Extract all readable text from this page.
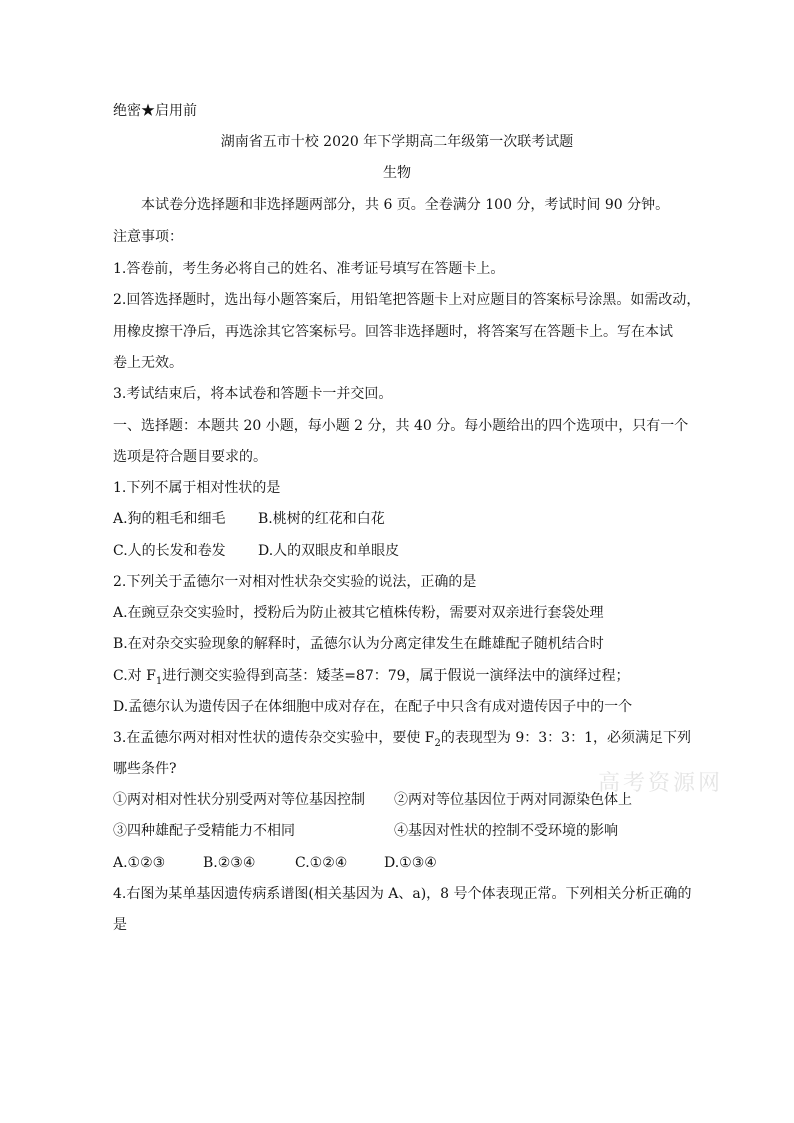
绝密★启用前
湖南省五市十校 2020 年下学期高二年级第一次联考试题
生物
本试卷分选择题和非选择题两部分，共 6 页。全卷满分 100 分，考试时间 90 分钟。
注意事项：
1.答卷前，考生务必将自己的姓名、准考证号填写在答题卡上。
2.回答选择题时，选出每小题答案后，用铅笔把答题卡上对应题目的答案标号涂黑。如需改动，
用橡皮擦干净后，再选涂其它答案标号。回答非选择题时，将答案写在答题卡上。写在本试
卷上无效。
3.考试结束后，将本试卷和答题卡一并交回。
一、选择题：本题共 20 小题，每小题 2 分，共 40 分。每小题给出的四个选项中，只有一个
选项是符合题目要求的。
1.下列不属于相对性状的是
A.狗的粗毛和细毛 B.桃树的红花和白花
C.人的长发和卷发 D.人的双眼皮和单眼皮
2.下列关于孟德尔一对相对性状杂交实验的说法，正确的是
A.在豌豆杂交实验时，授粉后为防止被其它植株传粉，需要对双亲进行套袋处理
B.在对杂交实验现象的解释时，孟德尔认为分离定律发生在雌雄配子随机结合时
C.对 $F_1$进行测交实验得到高茎：矮茎=87：79，属于假说一演绎法中的演绎过程；
D.孟德尔认为遗传因子在体细胞中成对存在，在配子中只含有成对遗传因子中的一个
3.在孟德尔两对相对性状的遗传杂交实验中，要使 $F_2$的表现型为 9：3：3：1，必须满足下列
哪些条件?
①两对相对性状分别受两对等位基因控制 ②两对等位基因位于两对同源染色体上
③四种雄配子受精能力不相同	④基因对性状的控制不受环境的影响
A.①②③	B.②③④	C.①②④	D.①③④
4.右图为某单基因遗传病系谱图(相关基因为 A、a)，8 号个体表现正常。下列相关分析正确的
是
高考资源网
